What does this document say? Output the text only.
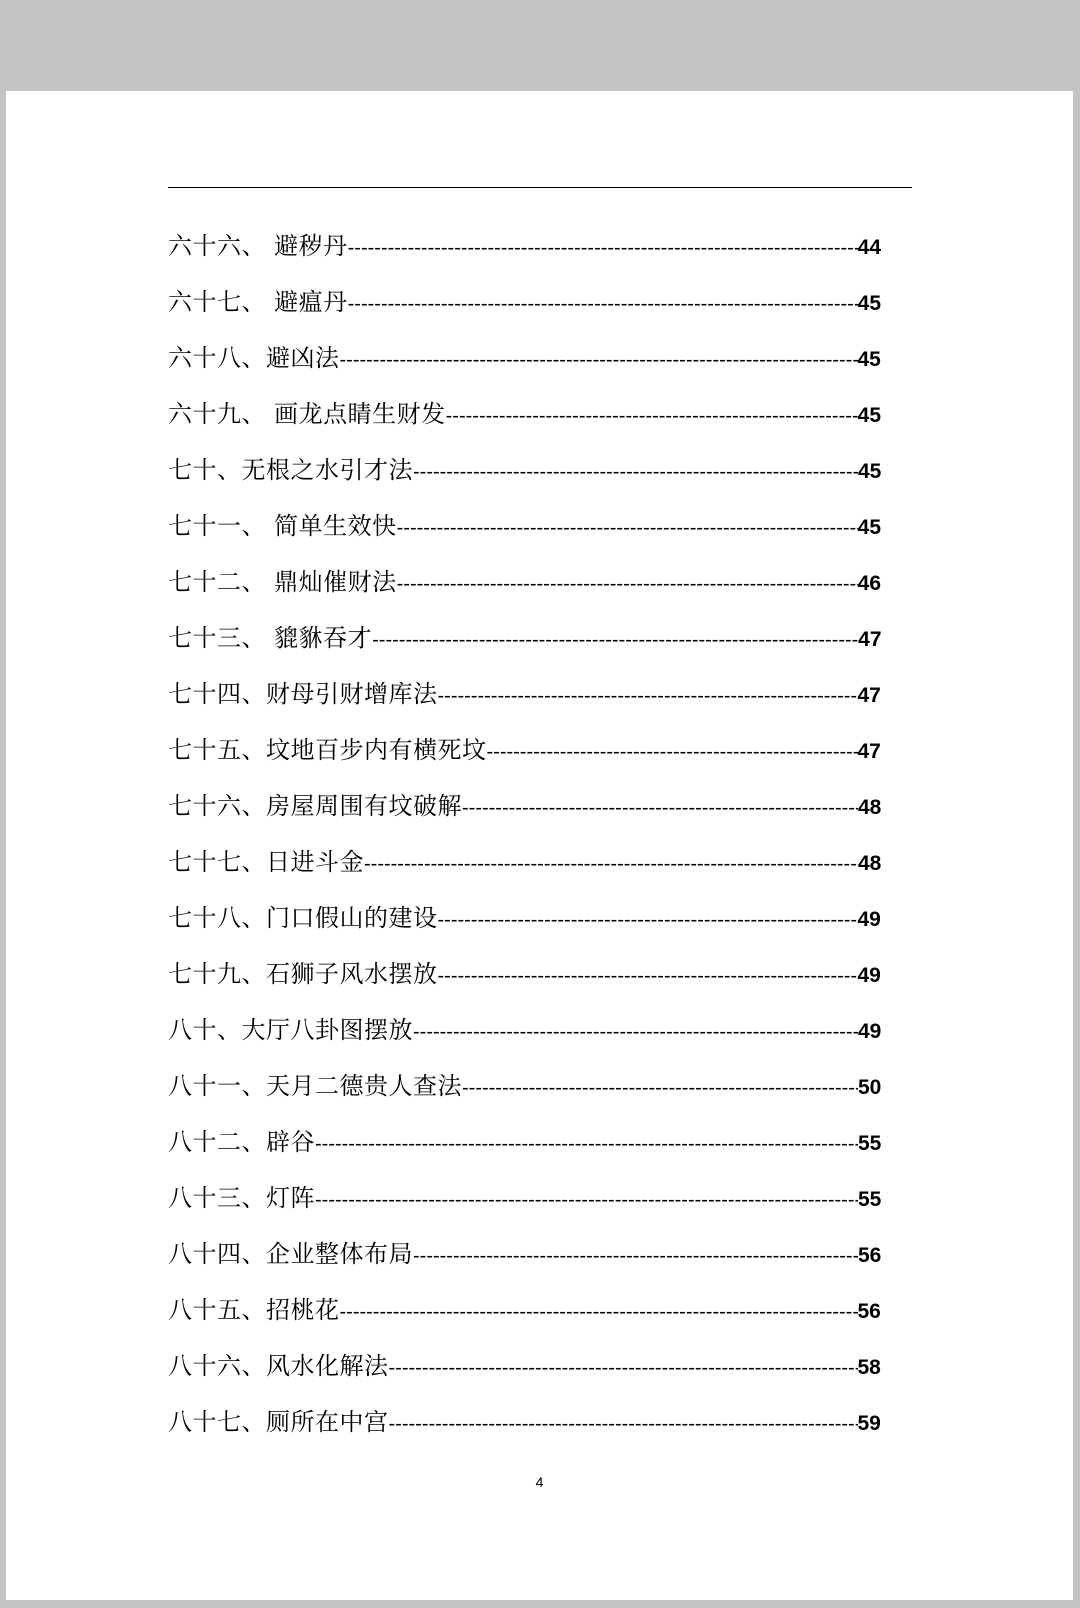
六十六、 避秽丹 -----	44
六十七、 避瘟丹 -----	45
六十八、避凶法 -----	45
六十九、 画龙点睛生财发 -----	45
七十、无根之水引才法 -----	45
七十一、 简单生效快 -----	45
七十二、 鼎灿催财法 -----	46
七十三、 貔貅吞才 -----	47
七十四、财母引财增库法 -----	47
七十五、坟地百步内有横死坟 -----	47
七十六、房屋周围有坟破解 -----	48
七十七、日进斗金 -----	48
七十八、门口假山的建设 -----	49
七十九、石狮子风水摆放 -----	49
八十、大厅八卦图摆放 -----	49
八十一、天月二德贵人查法 -----	50
八十二、辟谷 -----	55
八十三、灯阵 -----	55
八十四、企业整体布局 -----	56
八十五、招桃花 -----	56
八十六、风水化解法 -----	58
八十七、厕所在中宫 -----	59
4
